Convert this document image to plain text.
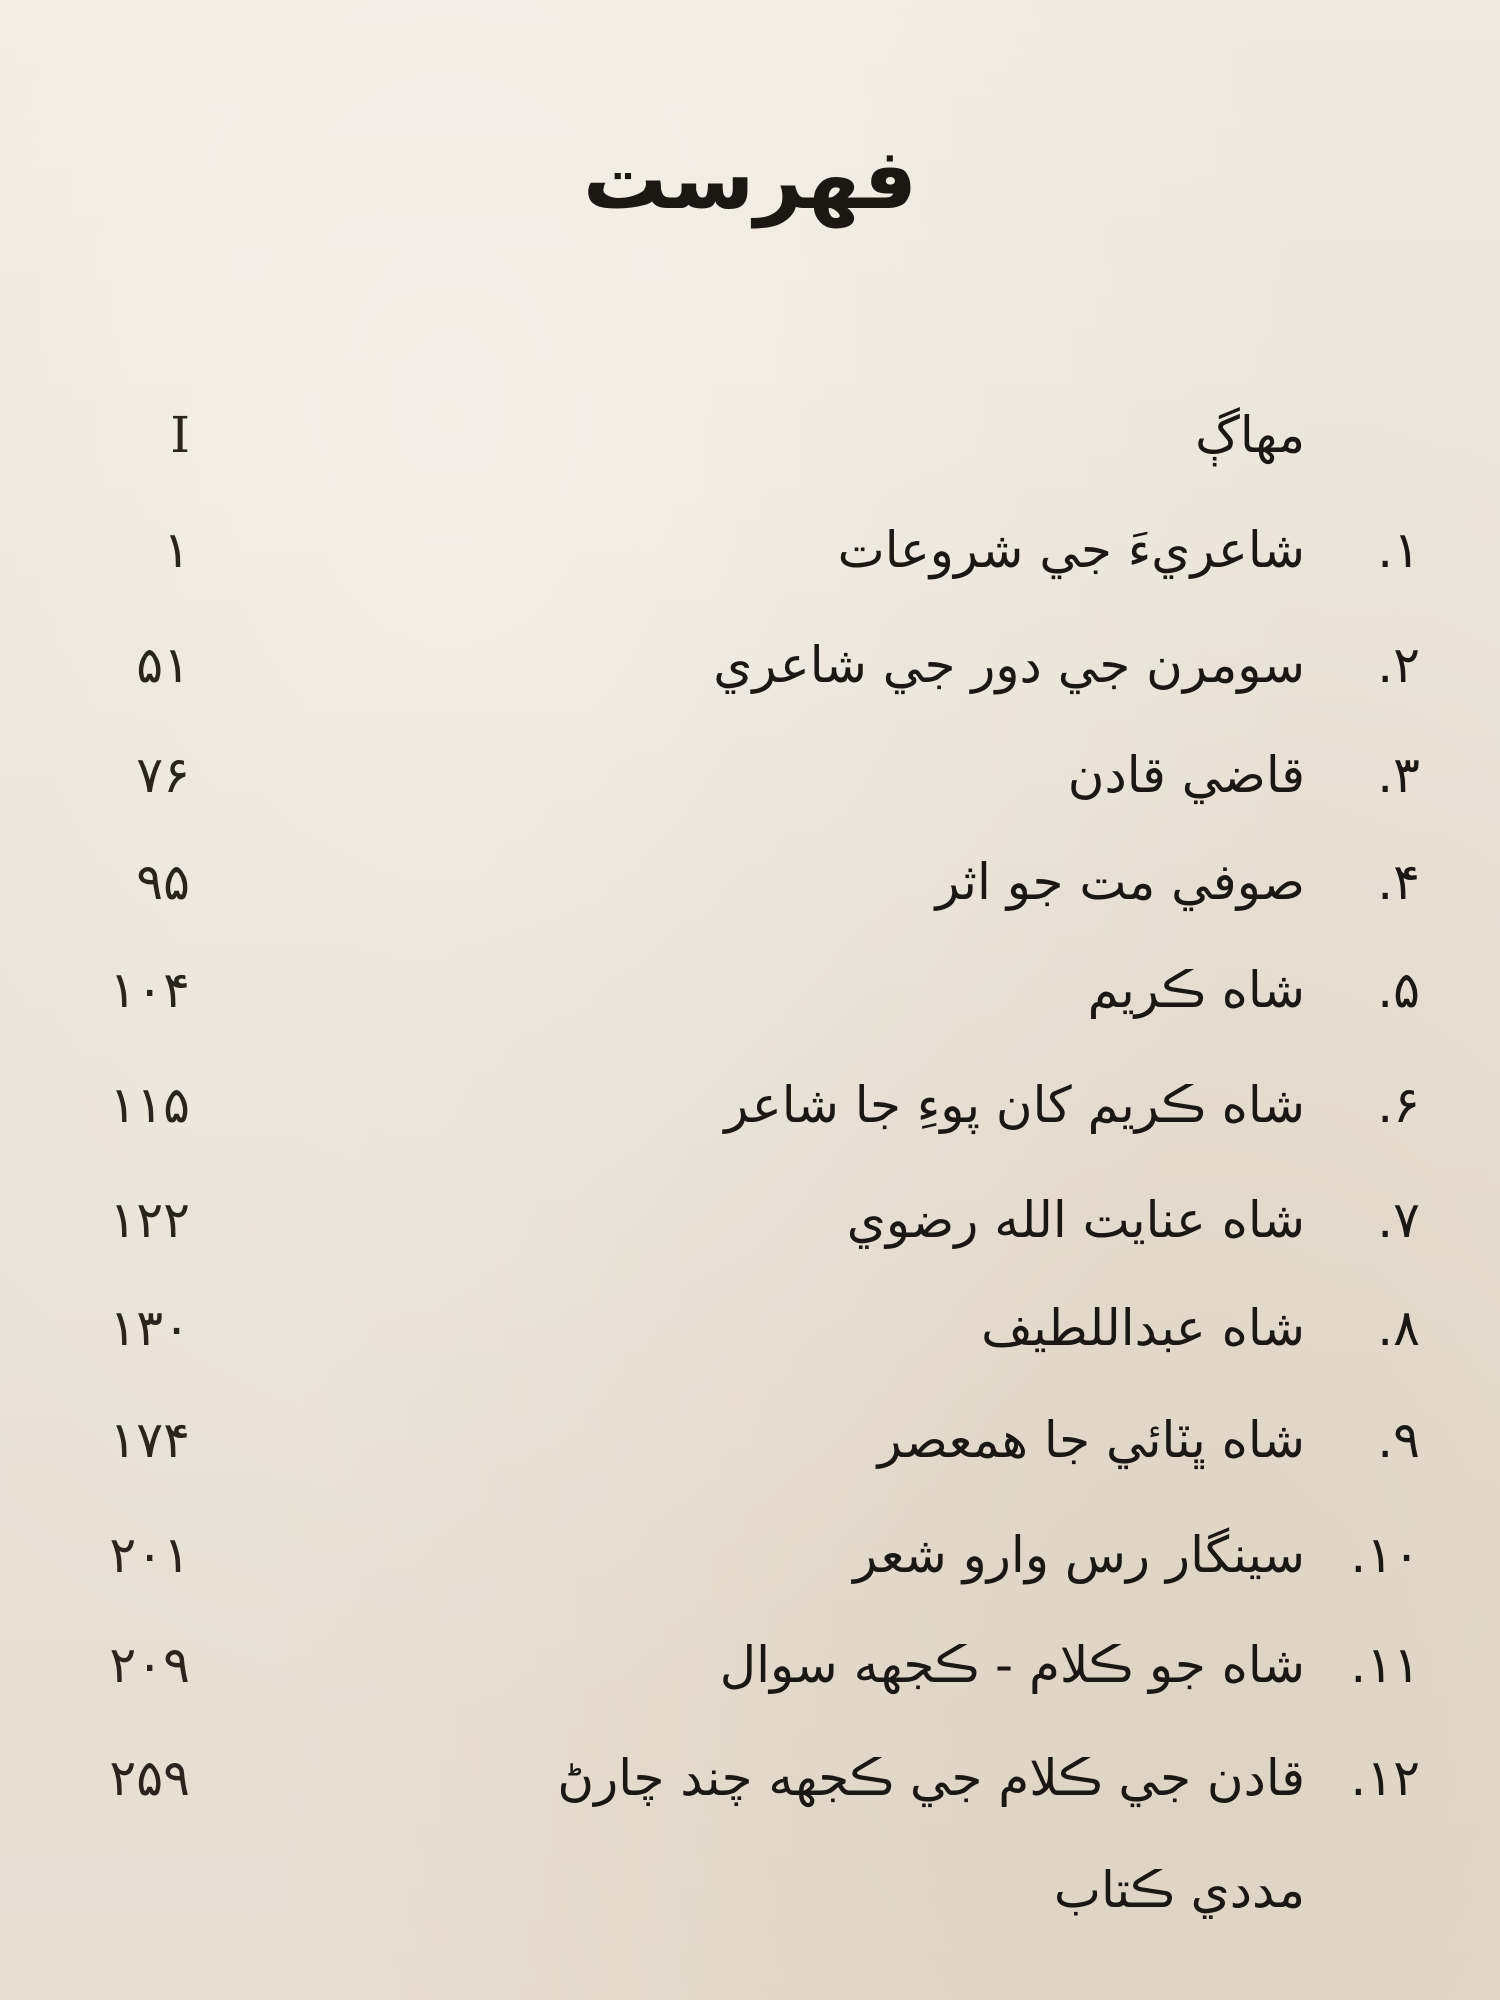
فهرست
مهاڳ
I
۱.شاعريءَ جي شروعات
۱
۲.سومرن جي دور جي شاعري
۵۱
۳.قاضي قادن
۷۶
۴.صوفي مت جو اثر
۹۵
۵.شاه ڪريم
۱۰۴
۶.شاه ڪريم کان پوءِ جا شاعر
۱۱۵
۷.شاه عنايت الله رضوي
۱۲۲
۸.شاه عبداللطيف
۱۳۰
۹.شاه ڀٽائي جا همعصر
۱۷۴
۱۰.سينگار رس وارو شعر
۲۰۱
۱۱.شاه جو ڪلام - ڪجهه سوال
۲۰۹
۱۲.قادن جي ڪلام جي ڪجهه چند چارڻ
۲۵۹
مددي ڪتاب
